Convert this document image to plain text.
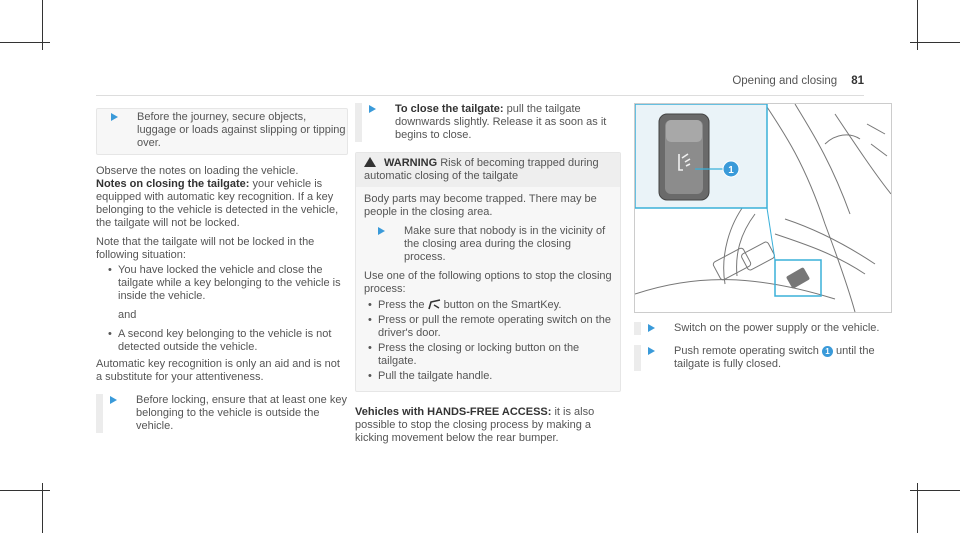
Opening and closing 81
Before the journey, secure objects, luggage or loads against slipping or tipping over.

Observe the notes on loading the vehicle.

Notes on closing the tailgate: your vehicle is equipped with automatic key recognition. If a key belonging to the vehicle is detected in the vehicle, the tailgate will not be locked.

Note that the tailgate will not be locked in the following situation:

• You have locked the vehicle and close the tailgate while a key belonging to the vehicle is inside the vehicle.

and

• A second key belonging to the vehicle is not detected outside the vehicle.

Automatic key recognition is only an aid and is not a substitute for your attentiveness.

Before locking, ensure that at least one key belonging to the vehicle is outside the vehicle.
To close the tailgate: pull the tailgate downwards slightly. Release it as soon as it begins to close.
WARNING Risk of becoming trapped during automatic closing of the tailgate

Body parts may become trapped. There may be people in the closing area.

Make sure that nobody is in the vicinity of the closing area during the closing process.

Use one of the following options to stop the closing process:

• Press the button on the SmartKey.
• Press or pull the remote operating switch on the driver's door.
• Press the closing or locking button on the tailgate.
• Pull the tailgate handle.

Vehicles with HANDS-FREE ACCESS: it is also possible to stop the closing process by making a kicking movement below the rear bumper.

1
Switch on the power supply or the vehicle.
Push remote operating switch 1 until the tailgate is fully closed.
